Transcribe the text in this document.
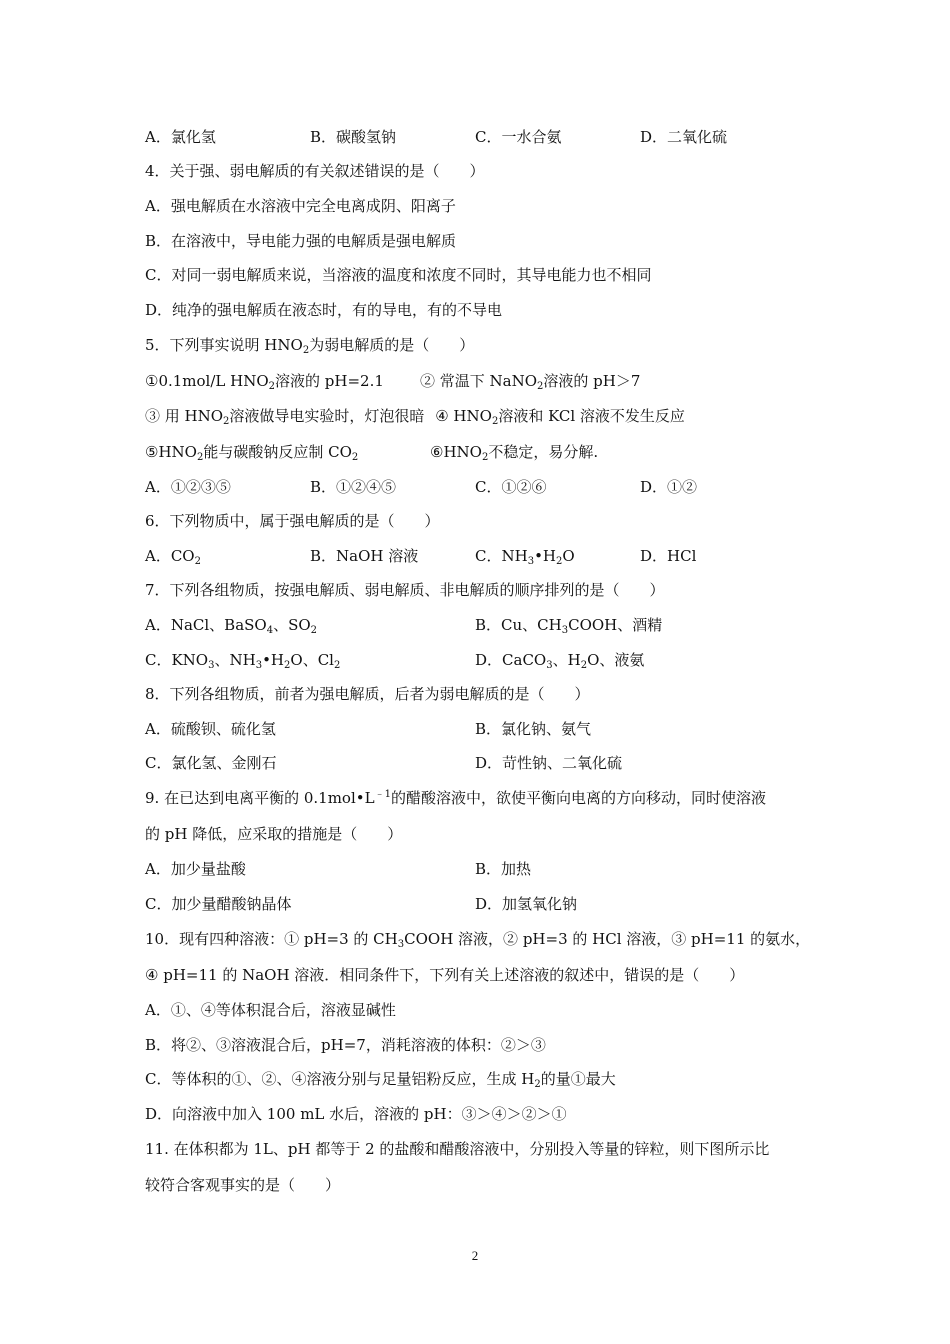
A．氯化氢	B．碳酸氢钠	C．一水合氨	D．二氧化硫
4．关于强、弱电解质的有关叙述错误的是（　　）
A．强电解质在水溶液中完全电离成阴、阳离子
B．在溶液中，导电能力强的电解质是强电解质
C．对同一弱电解质来说，当溶液的温度和浓度不同时，其导电能力也不相同
D．纯净的强电解质在液态时，有的导电，有的不导电
5．下列事实说明 $HNO_2$为弱电解质的是（　　）
①0.1mol/L $HNO_2$溶液的 pH=2.1 ② 常温下 NaNO$_2$溶液的 pH＞7
③ 用 $HNO_2$溶液做导电实验时，灯泡很暗 ④ $HNO_2$溶液和 KCl 溶液不发生反应
$⑤HNO_2$能与碳酸钠反应制 $CO_2$	$⑥HNO_2$不稳定，易分解.
A．①②③⑤	B．①②④⑤	C．①②⑥	D．①②
6．下列物质中，属于强电解质的是（　　）
A．$CO_2$	B．NaOH 溶液	C．$NH_3•H_2O$	D．HCl
7．下列各组物质，按强电解质、弱电解质、非电解质的顺序排列的是（　　）
A．NaCl、BaSO$_4$、$SO_2$	B．Cu、$CH_3COOH$、酒精
C．$KNO_3$、$NH_3•H_2O$、$Cl_2$	D．CaCO$_3$、$H_2O$、液氨
8．下列各组物质，前者为强电解质，后者为弱电解质的是（　　）
A．硫酸钡、硫化氢	B．氯化钠、氨气
C．氯化氢、金刚石	D．苛性钠、二氧化硫
9. 在已达到电离平衡的 $0.1mol•L^{﹣1}$的醋酸溶液中，欲使平衡向电离的方向移动，同时使溶液
的 pH 降低，应采取的措施是（　　）
A．加少量盐酸	B．加热
C．加少量醋酸钠晶体	D．加氢氧化钠
10．现有四种溶液：① pH=3 的 $CH_3COOH$ 溶液，② pH=3 的 HCl 溶液，③ pH=11 的氨水，
④ pH=11 的 NaOH 溶液．相同条件下，下列有关上述溶液的叙述中，错误的是（　　）
A．①、④等体积混合后，溶液显碱性
B．将②、③溶液混合后，pH=7，消耗溶液的体积：②＞③
C．等体积的①、②、④溶液分别与足量铝粉反应，生成 $H_2$的量①最大
D．向溶液中加入 100 mL 水后，溶液的 pH：③＞④＞②＞①
11. 在体积都为 1L、pH 都等于 2 的盐酸和醋酸溶液中，分别投入等量的锌粒，则下图所示比
较符合客观事实的是（　　）
2
